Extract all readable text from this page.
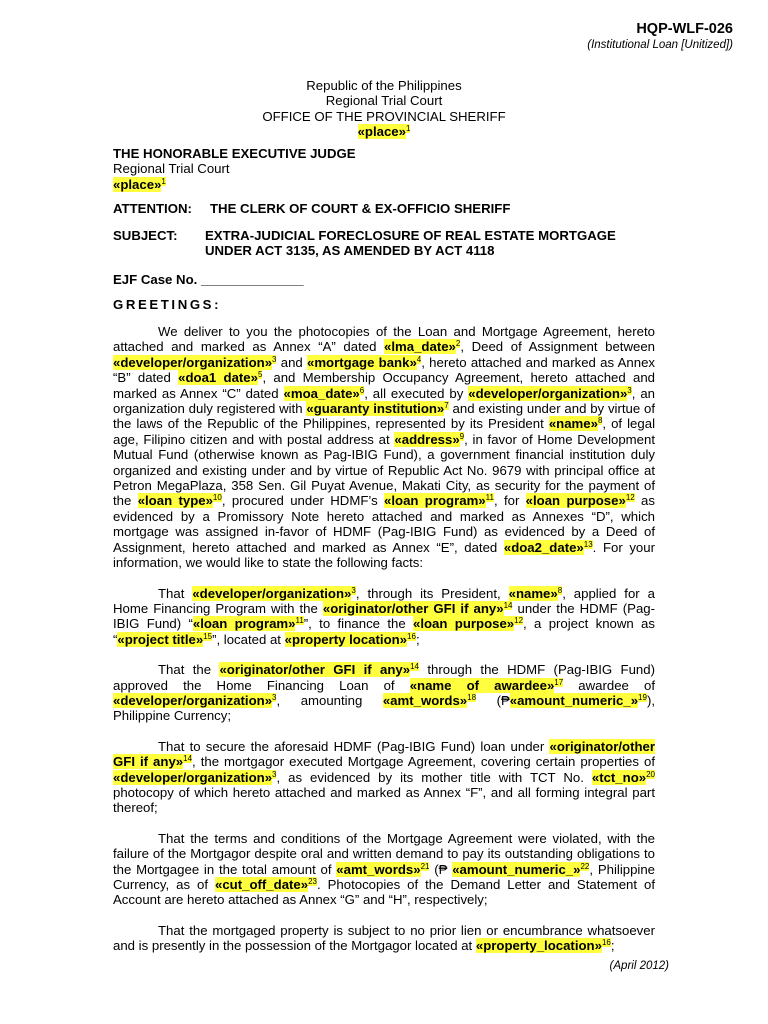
HQP-WLF-026
(Institutional Loan [Unitized])
Republic of the Philippines
Regional Trial Court
OFFICE OF THE PROVINCIAL SHERIFF
«place»$^1$
THE HONORABLE EXECUTIVE JUDGE
Regional Trial Court
«place»$^1$
ATTENTION: THE CLERK OF COURT & EX-OFFICIO SHERIFF
SUBJECT: EXTRA-JUDICIAL FORECLOSURE OF REAL ESTATE MORTGAGE
UNDER ACT 3135, AS AMENDED BY ACT 4118
EJF Case No. ______________
GREETINGS:

We deliver to you the photocopies of the Loan and Mortgage Agreement, hereto attached and marked as Annex “A” dated «lma_date»$^2$, Deed of Assignment between «developer/organization»$^3$ and «mortgage bank»$^4$, hereto attached and marked as Annex “B” dated «doa1 date»$^5$, and Membership Occupancy Agreement, hereto attached and marked as Annex “C” dated «moa_date»$^6$, all executed by «developer/organization»$^3$, an organization duly registered with «guaranty institution»$^7$ and existing under and by virtue of the laws of the Republic of the Philippines, represented by its President «name»$^8$, of legal age, Filipino citizen and with postal address at «address»$^9$, in favor of Home Development Mutual Fund (otherwise known as Pag-IBIG Fund), a government financial institution duly organized and existing under and by virtue of Republic Act No. 9679 with principal office at Petron MegaPlaza, 358 Sen. Gil Puyat Avenue, Makati City, as security for the payment of the «loan type»$^{10}$, procured under HDMF’s «loan program»$^{11}$, for «loan purpose»$^{12}$ as evidenced by a Promissory Note hereto attached and marked as Annexes “D”, which mortgage was assigned in-favor of HDMF (Pag-IBIG Fund) as evidenced by a Deed of Assignment, hereto attached and marked as Annex “E”, dated «doa2_date»$^{13}$. For your information, we would like to state the following facts:

That «developer/organization»$^3$, through its President, «name»$^8$, applied for a Home Financing Program with the «originator/other GFI if any»$^{14}$ under the HDMF (Pag-IBIG Fund) “«loan program»$^{11}$”, to finance the «loan purpose»$^{12}$, a project known as “«project title»$^{15}$”, located at «property location»$^{16}$;

That the «originator/other GFI if any»$^{14}$ through the HDMF (Pag-IBIG Fund) approved the Home Financing Loan of «name of awardee»$^{17}$ awardee of «developer/organization»$^3$, amounting «amt_words»$^{18}$ (₱«amount_numeric_»$^{19}$), Philippine Currency;

That to secure the aforesaid HDMF (Pag-IBIG Fund) loan under «originator/other GFI if any»$^{14}$, the mortgagor executed Mortgage Agreement, covering certain properties of «developer/organization»$^3$, as evidenced by its mother title with TCT No. «tct_no»$^{20}$ photocopy of which hereto attached and marked as Annex “F”, and all forming integral part thereof;

That the terms and conditions of the Mortgage Agreement were violated, with the failure of the Mortgagor despite oral and written demand to pay its outstanding obligations to the Mortgagee in the total amount of «amt_words»$^{21}$ (₱ «amount_numeric_»$^{22}$, Philippine Currency, as of «cut_off_date»$^{23}$. Photocopies of the Demand Letter and Statement of Account are hereto attached as Annex “G” and “H”, respectively;

That the mortgaged property is subject to no prior lien or encumbrance whatsoever and is presently in the possession of the Mortgagor located at «property_location»$^{16}$;

(April 2012)
